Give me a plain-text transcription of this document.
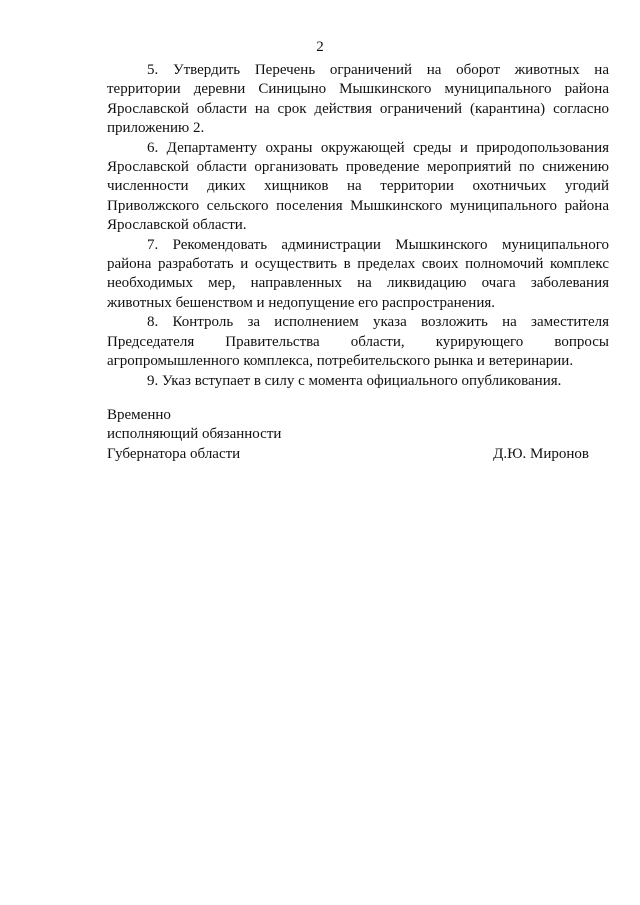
2

5. Утвердить Перечень ограничений на оборот животных на территории деревни Синицыно Мышкинского муниципального района Ярославской области на срок действия ограничений (карантина) согласно приложению 2.

6. Департаменту охраны окружающей среды и природопользования Ярославской области организовать проведение мероприятий по снижению численности диких хищников на территории охотничьих угодий Приволжского сельского поселения Мышкинского муниципального района Ярославской области.

7. Рекомендовать администрации Мышкинского муниципального района разработать и осуществить в пределах своих полномочий комплекс необходимых мер, направленных на ликвидацию очага заболевания животных бешенством и недопущение его распространения.

8. Контроль за исполнением указа возложить на заместителя Председателя Правительства области, курирующего вопросы агропромышленного комплекса, потребительского рынка и ветеринарии.

9. Указ вступает в силу с момента официального опубликования.

Временно

исполняющий обязанности

Губернатора области	Д.Ю. Миронов
